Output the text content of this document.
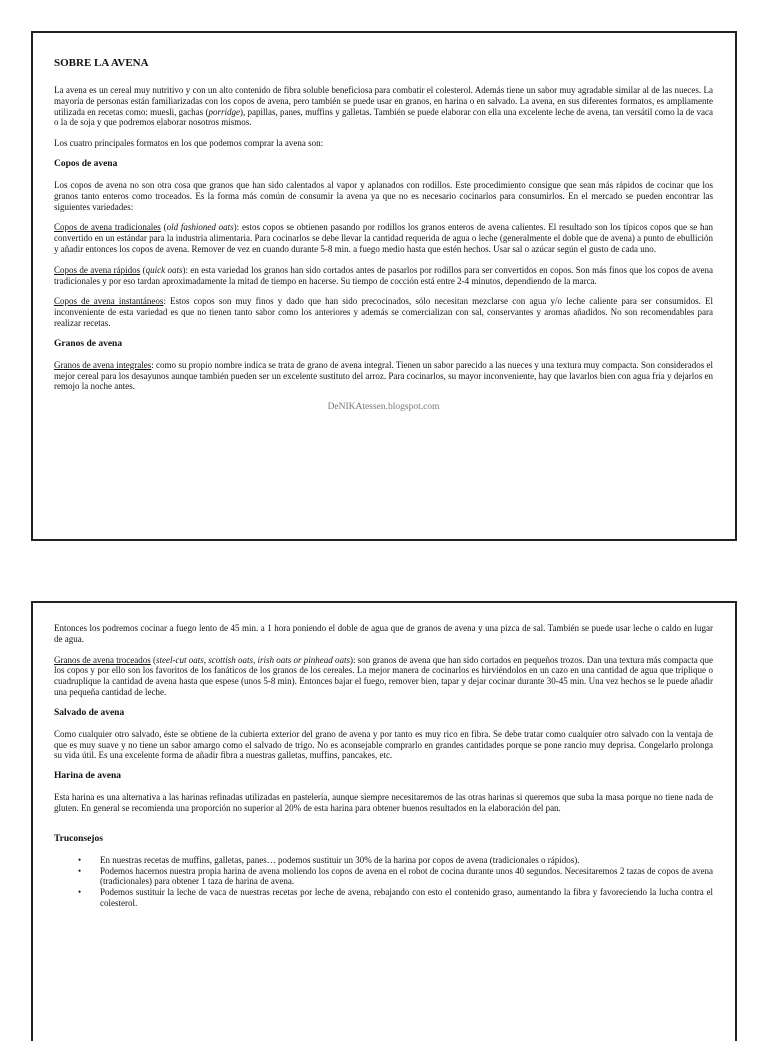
SOBRE LA AVENA

La avena es un cereal muy nutritivo y con un alto contenido de fibra soluble beneficiosa para combatir el colesterol. Además tiene un sabor muy agradable similar al de las nueces. La mayoría de personas están familiarizadas con los copos de avena, pero también se puede usar en granos, en harina o en salvado. La avena, en sus diferentes formatos, es ampliamente utilizada en recetas como: muesli, gachas (porridge), papillas, panes, muffins y galletas. También se puede elaborar con ella una excelente leche de avena, tan versátil como la de vaca o la de soja y que podremos elaborar nosotros mismos.

Los cuatro principales formatos en los que podemos comprar la avena son:

Copos de avena

Los copos de avena no son otra cosa que granos que han sido calentados al vapor y aplanados con rodillos. Este procedimiento consigue que sean más rápidos de cocinar que los granos tanto enteros como troceados. Es la forma más común de consumir la avena ya que no es necesario cocinarlos para consumirlos. En el mercado se pueden encontrar las siguientes variedades:

Copos de avena tradicionales (old fashioned oats): estos copos se obtienen pasando por rodillos los granos enteros de avena calientes. El resultado son los típicos copos que se han convertido en un estándar para la industria alimentaria. Para cocinarlos se debe llevar la cantidad requerida de agua o leche (generalmente el doble que de avena) a punto de ebullición y añadir entonces los copos de avena. Remover de vez en cuando durante 5-8 min. a fuego medio hasta que estén hechos. Usar sal o azúcar según el gusto de cada uno.

Copos de avena rápidos (quick oats): en esta variedad los granos han sido cortados antes de pasarlos por rodillos para ser convertidos en copos. Son más finos que los copos de avena tradicionales y por eso tardan aproximadamente la mitad de tiempo en hacerse. Su tiempo de cocción está entre 2-4 minutos, dependiendo de la marca.

Copos de avena instantáneos: Estos copos son muy finos y dado que han sido precocinados, sólo necesitan mezclarse con agua y/o leche caliente para ser consumidos. El inconveniente de esta variedad es que no tienen tanto sabor como los anteriores y además se comercializan con sal, conservantes y aromas añadidos. No son recomendables para realizar recetas.

Granos de avena

Granos de avena integrales: como su propio nombre indica se trata de grano de avena integral. Tienen un sabor parecido a las nueces y una textura muy compacta. Son considerados el mejor cereal para los desayunos aunque también pueden ser un excelente sustituto del arroz. Para cocinarlos, su mayor inconveniente, hay que lavarlos bien con agua fría y dejarlos en remojo la noche antes.

DeNIKAtessen.blogspot.com

Entonces los podremos cocinar a fuego lento de 45 min. a 1 hora poniendo el doble de agua que de granos de avena y una pizca de sal. También se puede usar leche o caldo en lugar de agua.

Granos de avena troceados (steel-cut oats, scottish oats, irish oats or pinhead oats): son granos de avena que han sido cortados en pequeños trozos. Dan una textura más compacta que los copos y por ello son los favoritos de los fanáticos de los granos de los cereales. La mejor manera de cocinarlos es hirviéndolos en un cazo en una cantidad de agua que triplique o cuadruplique la cantidad de avena hasta que espese (unos 5-8 min). Entonces bajar el fuego, remover bien, tapar y dejar cocinar durante 30-45 min. Una vez hechos se le puede añadir una pequeña cantidad de leche.

Salvado de avena

Como cualquier otro salvado, éste se obtiene de la cubierta exterior del grano de avena y por tanto es muy rico en fibra. Se debe tratar como cualquier otro salvado con la ventaja de que es muy suave y no tiene un sabor amargo como el salvado de trigo. No es aconsejable comprarlo en grandes cantidades porque se pone rancio muy deprisa. Congelarlo prolonga su vida útil. Es una excelente forma de añadir fibra a nuestras galletas, muffins, pancakes, etc.

Harina de avena

Esta harina es una alternativa a las harinas refinadas utilizadas en pastelería, aunque siempre necesitaremos de las otras harinas si queremos que suba la masa porque no tiene nada de gluten. En general se recomienda una proporción no superior al 20% de esta harina para obtener buenos resultados en la elaboración del pan.

Truconsejos
• En nuestras recetas de muffins, galletas, panes… podemos sustituir un 30% de la harina por copos de avena (tradicionales o rápidos).
• Podemos hacernos nuestra propia harina de avena moliendo los copos de avena en el robot de cocina durante unos 40 segundos. Necesitaremos 2 tazas de copos de avena (tradicionales) para obtener 1 taza de harina de avena.
• Podemos sustituir la leche de vaca de nuestras recetas por leche de avena, rebajando con esto el contenido graso, aumentando la fibra y favoreciendo la lucha contra el colesterol.
